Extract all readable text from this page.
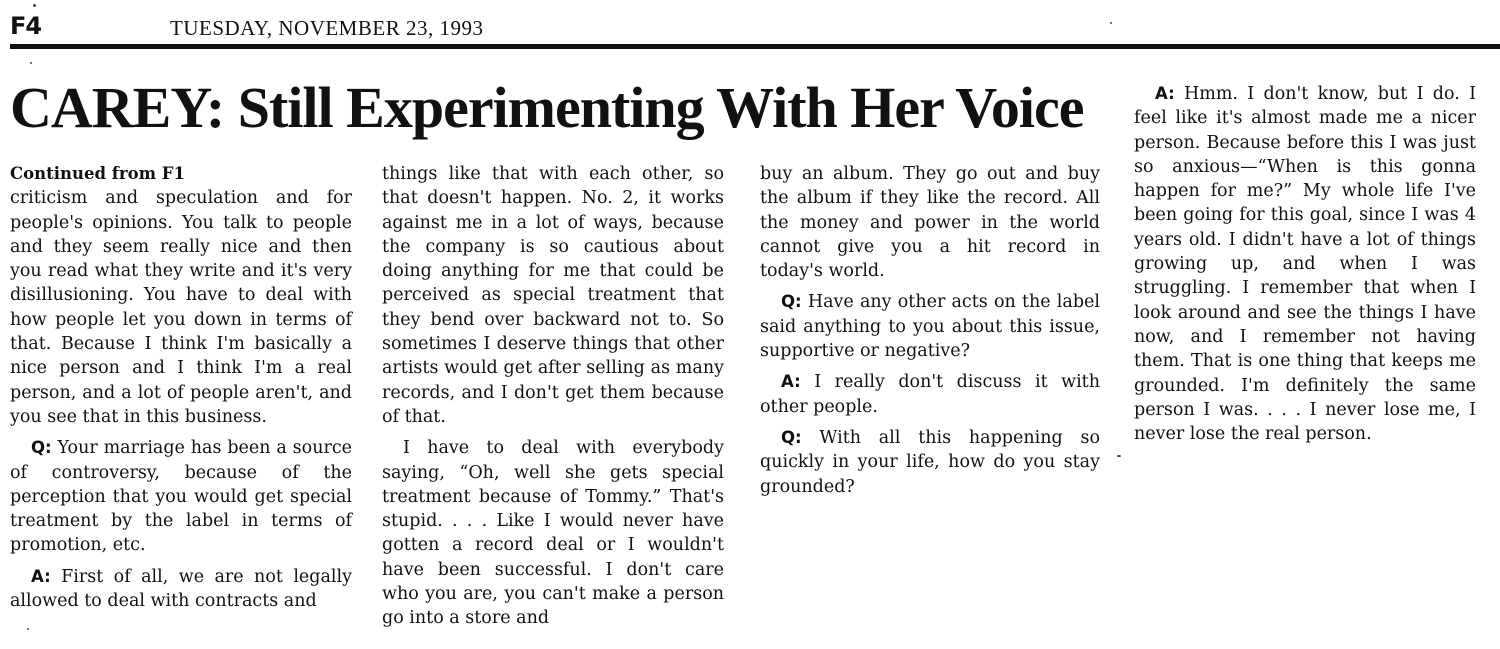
F4	TUESDAY, NOVEMBER 23, 1993
CAREY: Still Experimenting With Her Voice
Continued from F1

criticism and speculation and for people's opinions. You talk to people and they seem really nice and then you read what they write and it's very disillusioning. You have to deal with how people let you down in terms of that. Because I think I'm basically a nice person and I think I'm a real person, and a lot of people aren't, and you see that in this business.

Q: Your marriage has been a source of controversy, because of the perception that you would get special treatment by the label in terms of promotion, etc.

A: First of all, we are not legally allowed to deal with contracts and

things like that with each other, so that doesn't happen. No. 2, it works against me in a lot of ways, because the company is so cautious about doing anything for me that could be perceived as special treatment that they bend over backward not to. So sometimes I deserve things that other artists would get after selling as many records, and I don't get them because of that.

I have to deal with everybody saying, “Oh, well she gets special treatment because of Tommy.” That's stupid. . . . Like I would never have gotten a record deal or I wouldn't have been successful. I don't care who you are, you can't make a person go into a store and

buy an album. They go out and buy the album if they like the record. All the money and power in the world cannot give you a hit record in today's world.

Q: Have any other acts on the label said anything to you about this issue, supportive or negative?

A: I really don't discuss it with other people.

Q: With all this happening so quickly in your life, how do you stay grounded?

A: Hmm. I don't know, but I do. I feel like it's almost made me a nicer person. Because before this I was just so anxious—“When is this gonna happen for me?” My whole life I've been going for this goal, since I was 4 years old. I didn't have a lot of things growing up, and when I was struggling. I remember that when I look around and see the things I have now, and I remember not having them. That is one thing that keeps me grounded. I'm definitely the same person I was. . . . I never lose me, I never lose the real person.
